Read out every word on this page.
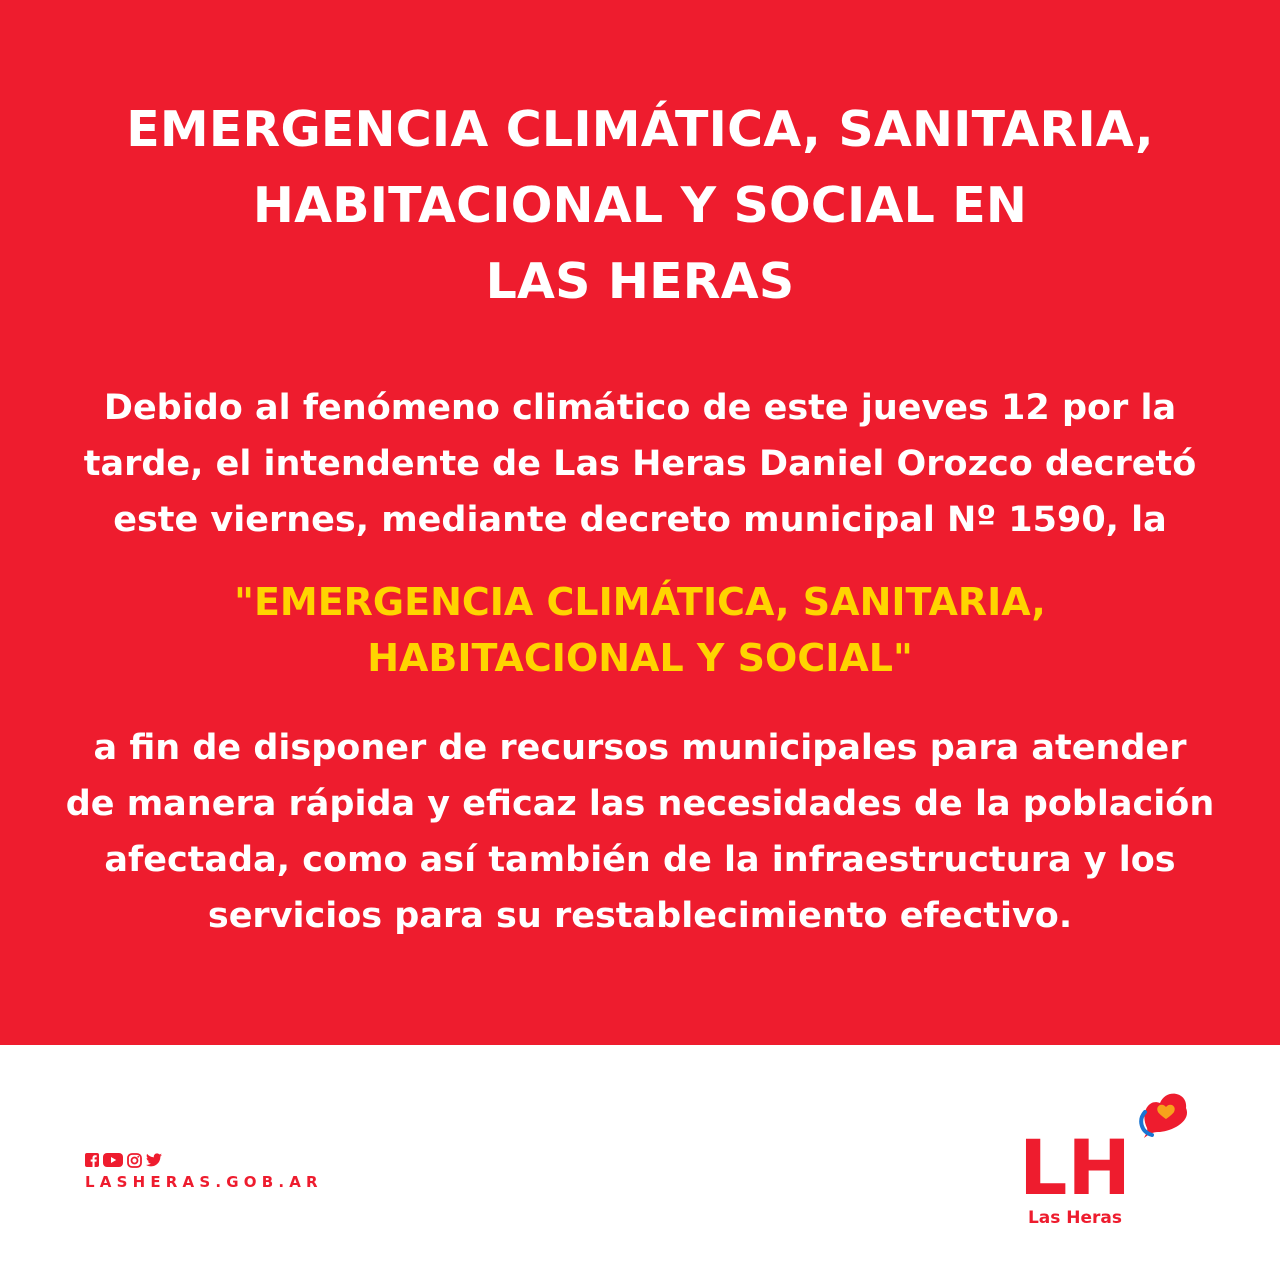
EMERGENCIA CLIMÁTICA, SANITARIA,
HABITACIONAL Y SOCIAL EN
LAS HERAS

Debido al fenómeno climático de este jueves 12 por la
tarde, el intendente de Las Heras Daniel Orozco decretó
este viernes, mediante decreto municipal Nº 1590, la

"EMERGENCIA CLIMÁTICA, SANITARIA,
HABITACIONAL Y SOCIAL"

a fin de disponer de recursos municipales para atender
de manera rápida y eficaz las necesidades de la población
afectada, como así también de la infraestructura y los
servicios para su restablecimiento efectivo.

LASHERAS.GOB.AR	LH
Las Heras
